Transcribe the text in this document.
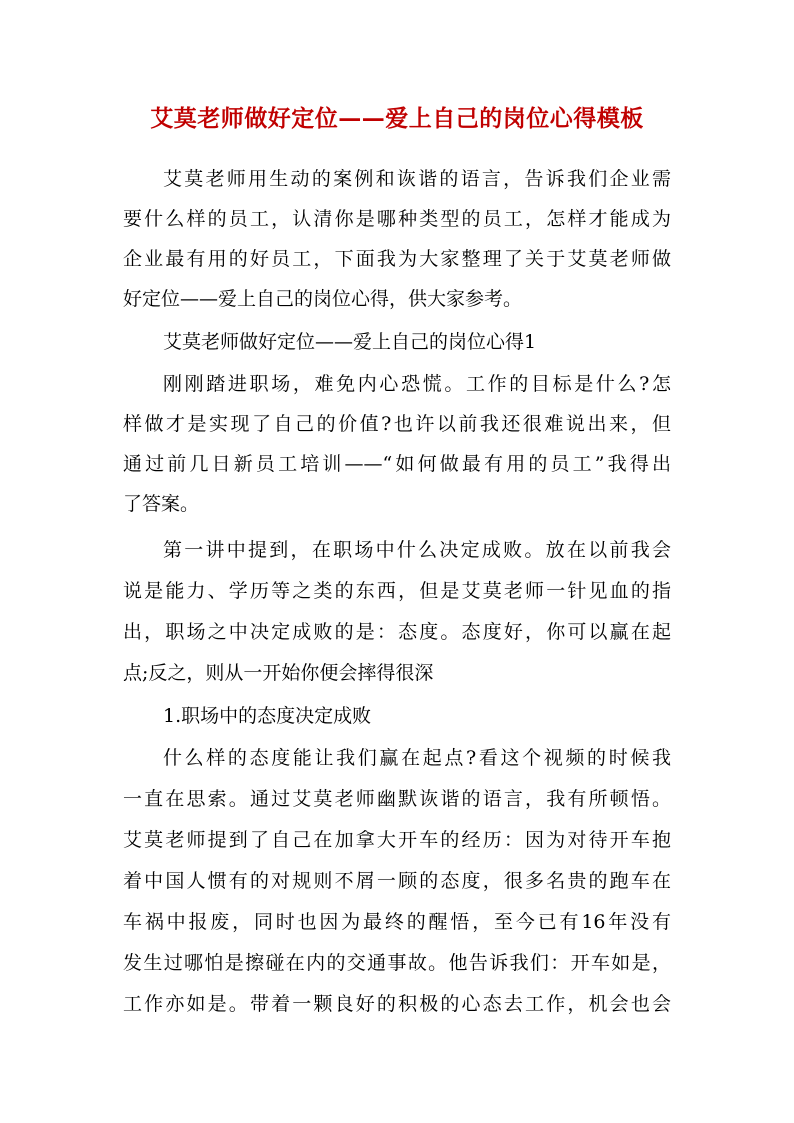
艾莫老师做好定位——爱上自己的岗位心得模板
艾莫老师用生动的案例和诙谐的语言，告诉我们企业需
要什么样的员工，认清你是哪种类型的员工，怎样才能成为
企业最有用的好员工，下面我为大家整理了关于艾莫老师做
好定位——爱上自己的岗位心得，供大家参考。
艾莫老师做好定位——爱上自己的岗位心得1
刚刚踏进职场，难免内心恐慌。工作的目标是什么?怎
样做才是实现了自己的价值?也许以前我还很难说出来，但
通过前几日新员工培训——“如何做最有用的员工”我得出
了答案。
第一讲中提到，在职场中什么决定成败。放在以前我会
说是能力、学历等之类的东西，但是艾莫老师一针见血的指
出，职场之中决定成败的是：态度。态度好，你可以赢在起
点;反之，则从一开始你便会摔得很深
1.职场中的态度决定成败
什么样的态度能让我们赢在起点?看这个视频的时候我
一直在思索。通过艾莫老师幽默诙谐的语言，我有所顿悟。
艾莫老师提到了自己在加拿大开车的经历：因为对待开车抱
着中国人惯有的对规则不屑一顾的态度，很多名贵的跑车在
车祸中报废，同时也因为最终的醒悟，至今已有16年没有
发生过哪怕是擦碰在内的交通事故。他告诉我们：开车如是，
工作亦如是。带着一颗良好的积极的心态去工作，机会也会
